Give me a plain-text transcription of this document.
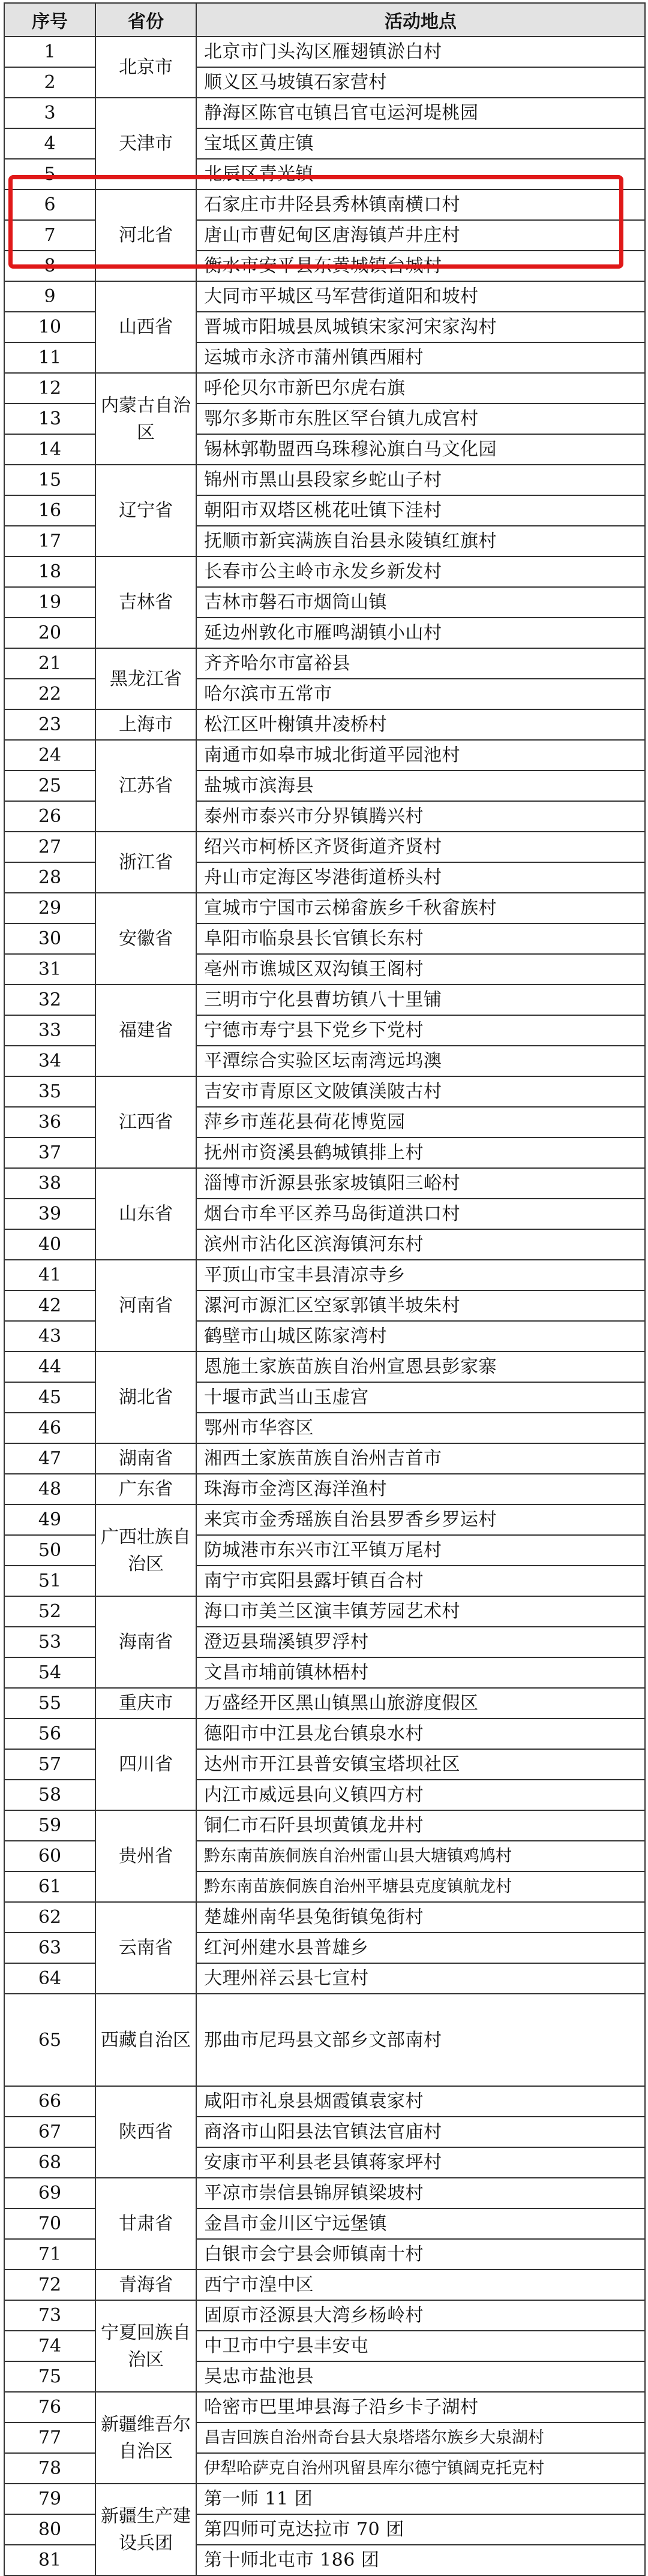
序号	省份	活动地点
1	北京市	北京市门头沟区雁翅镇淤白村
2		顺义区马坡镇石家营村
3	天津市	静海区陈官屯镇吕官屯运河堤桃园
4		宝坻区黄庄镇
5		北辰区青光镇
6	河北省	石家庄市井陉县秀林镇南横口村
7		唐山市曹妃甸区唐海镇芦井庄村
8		衡水市安平县东黄城镇台城村
9	山西省	大同市平城区马军营街道阳和坡村
10		晋城市阳城县凤城镇宋家河宋家沟村
11		运城市永济市蒲州镇西厢村
12	内蒙古自治区	呼伦贝尔市新巴尔虎右旗
13		鄂尔多斯市东胜区罕台镇九成宫村
14		锡林郭勒盟西乌珠穆沁旗白马文化园
15	辽宁省	锦州市黑山县段家乡蛇山子村
16		朝阳市双塔区桃花吐镇下洼村
17		抚顺市新宾满族自治县永陵镇红旗村
18	吉林省	长春市公主岭市永发乡新发村
19		吉林市磐石市烟筒山镇
20		延边州敦化市雁鸣湖镇小山村
21	黑龙江省	齐齐哈尔市富裕县
22		哈尔滨市五常市
23	上海市	松江区叶榭镇井凌桥村
24	江苏省	南通市如皋市城北街道平园池村
25		盐城市滨海县
26		泰州市泰兴市分界镇腾兴村
27	浙江省	绍兴市柯桥区齐贤街道齐贤村
28		舟山市定海区岑港街道桥头村
29	安徽省	宣城市宁国市云梯畲族乡千秋畲族村
30		阜阳市临泉县长官镇长东村
31		亳州市谯城区双沟镇王阁村
32	福建省	三明市宁化县曹坊镇八十里铺
33		宁德市寿宁县下党乡下党村
34		平潭综合实验区坛南湾远坞澳
35	江西省	吉安市青原区文陂镇渼陂古村
36		萍乡市莲花县荷花博览园
37		抚州市资溪县鹤城镇排上村
38	山东省	淄博市沂源县张家坡镇阳三峪村
39		烟台市牟平区养马岛街道洪口村
40		滨州市沾化区滨海镇河东村
41	河南省	平顶山市宝丰县清凉寺乡
42		漯河市源汇区空冢郭镇半坡朱村
43		鹤壁市山城区陈家湾村
44	湖北省	恩施土家族苗族自治州宣恩县彭家寨
45		十堰市武当山玉虚宫
46		鄂州市华容区
47	湖南省	湘西土家族苗族自治州吉首市
48	广东省	珠海市金湾区海洋渔村
49	广西壮族自治区	来宾市金秀瑶族自治县罗香乡罗运村
50		防城港市东兴市江平镇万尾村
51		南宁市宾阳县露圩镇百合村
52	海南省	海口市美兰区演丰镇芳园艺术村
53		澄迈县瑞溪镇罗浮村
54		文昌市埔前镇林梧村
55	重庆市	万盛经开区黑山镇黑山旅游度假区
56	四川省	德阳市中江县龙台镇泉水村
57		达州市开江县普安镇宝塔坝社区
58		内江市威远县向义镇四方村
59	贵州省	铜仁市石阡县坝黄镇龙井村
60		黔东南苗族侗族自治州雷山县大塘镇鸡鸠村
61		黔东南苗族侗族自治州平塘县克度镇航龙村
62	云南省	楚雄州南华县兔街镇兔街村
63		红河州建水县普雄乡
64		大理州祥云县七宣村
65	西藏自治区	那曲市尼玛县文部乡文部南村
66	陕西省	咸阳市礼泉县烟霞镇袁家村
67		商洛市山阳县法官镇法官庙村
68		安康市平利县老县镇蒋家坪村
69	甘肃省	平凉市崇信县锦屏镇梁坡村
70		金昌市金川区宁远堡镇
71		白银市会宁县会师镇南十村
72	青海省	西宁市湟中区
73	宁夏回族自治区	固原市泾源县大湾乡杨岭村
74		中卫市中宁县丰安屯
75		吴忠市盐池县
76	新疆维吾尔自治区	哈密市巴里坤县海子沿乡卡子湖村
77		昌吉回族自治州奇台县大泉塔塔尔族乡大泉湖村
78		伊犁哈萨克自治州巩留县库尔德宁镇阔克托克村
79	新疆生产建设兵团	第一师 11 团
80		第四师可克达拉市 70 团
81		第十师北屯市 186 团
